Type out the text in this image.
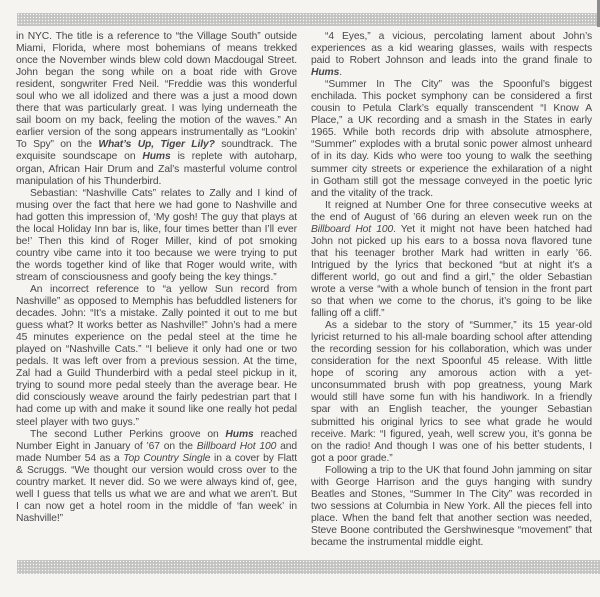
in NYC. The title is a reference to “the Village South” outside Miami, Florida, where most bohemians of means trekked once the November winds blew cold down Macdougal Street. John began the song while on a boat ride with Grove resident, songwriter Fred Neil. “Freddie was this wonderful soul who we all idolized and there was a just a mood down there that was particularly great. I was lying underneath the sail boom on my back, feeling the motion of the waves.” An earlier version of the song appears instrumentally as “Lookin’ To Spy” on the What’s Up, Tiger Lily? soundtrack. The exquisite soundscape on Hums is replete with autoharp, organ, African Hair Drum and Zal’s masterful volume control manipulation of his Thunderbird.

Sebastian: “Nashville Cats” relates to Zally and I kind of musing over the fact that here we had gone to Nashville and had gotten this impression of, ‘My gosh! The guy that plays at the local Holiday Inn bar is, like, four times better than I’ll ever be!’ Then this kind of Roger Miller, kind of pot smoking country vibe came into it too because we were trying to put the words together kind of like that Roger would write, with stream of consciousness and goofy being the key things.”

An incorrect reference to “a yellow Sun record from Nashville” as opposed to Memphis has befuddled listeners for decades. John: “It’s a mistake. Zally pointed it out to me but guess what? It works better as Nashville!” John’s had a mere 45 minutes experience on the pedal steel at the time he played on “Nashville Cats.” “I believe it only had one or two pedals. It was left over from a previous session. At the time, Zal had a Guild Thunderbird with a pedal steel pickup in it, trying to sound more pedal steely than the average bear. He did consciously weave around the fairly pedestrian part that I had come up with and make it sound like one really hot pedal steel player with two guys.”

The second Luther Perkins groove on Hums reached Number Eight in January of ’67 on the Billboard Hot 100 and made Number 54 as a Top Country Single in a cover by Flatt & Scruggs. “We thought our version would cross over to the country market. It never did. So we were always kind of, gee, well I guess that tells us what we are and what we aren’t. But I can now get a hotel room in the middle of ‘fan week’ in Nashville!”

“4 Eyes,” a vicious, percolating lament about John’s experiences as a kid wearing glasses, wails with respects paid to Robert Johnson and leads into the grand finale to Hums.

“Summer In The City” was the Spoonful’s biggest enchilada. This pocket symphony can be considered a first cousin to Petula Clark’s equally transcendent “I Know A Place,” a UK recording and a smash in the States in early 1965. While both records drip with absolute atmosphere, “Summer” explodes with a brutal sonic power almost unheard of in its day. Kids who were too young to walk the seething summer city streets or experience the exhilaration of a night in Gotham still got the message conveyed in the poetic lyric and the vitality of the track.

It reigned at Number One for three consecutive weeks at the end of August of ’66 during an eleven week run on the Billboard Hot 100. Yet it might not have been hatched had John not picked up his ears to a bossa nova flavored tune that his teenager brother Mark had written in early ’66. Intrigued by the lyrics that beckoned “but at night it’s a different world, go out and find a girl,” the older Sebastian wrote a verse “with a whole bunch of tension in the front part so that when we come to the chorus, it’s going to be like falling off a cliff.”

As a sidebar to the story of “Summer,” its 15 year-old lyricist returned to his all-male boarding school after attending the recording session for his collaboration, which was under consideration for the next Spoonful 45 release. With little hope of scoring any amorous action with a yet-unconsummated brush with pop greatness, young Mark would still have some fun with his handiwork. In a friendly spar with an English teacher, the younger Sebastian submitted his original lyrics to see what grade he would receive. Mark: “I figured, yeah, well screw you, it’s gonna be on the radio! And though I was one of his better students, I got a poor grade.”

Following a trip to the UK that found John jamming on sitar with George Harrison and the guys hanging with sundry Beatles and Stones, “Summer In The City” was recorded in two sessions at Columbia in New York. All the pieces fell into place. When the band felt that another section was needed, Steve Boone contributed the Gershwinesque “movement” that became the instrumental middle eight.
